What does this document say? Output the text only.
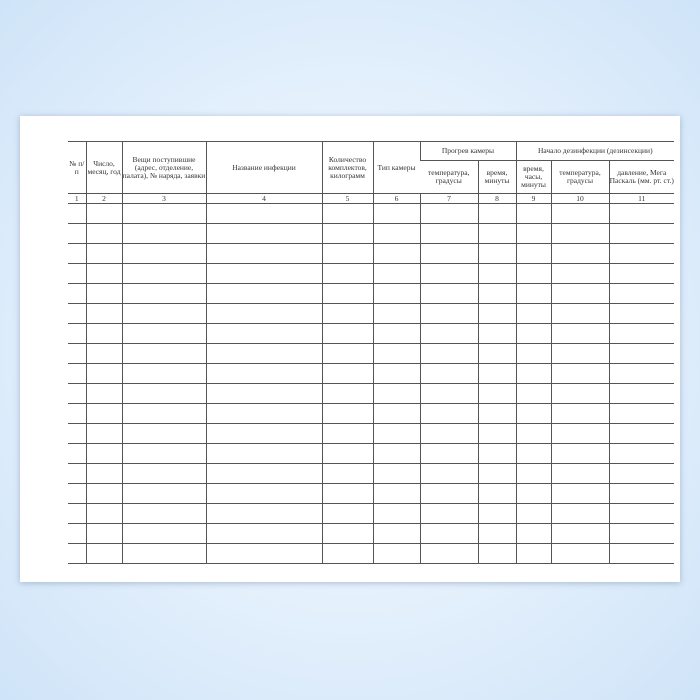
№ п/п	Число, месяц, год	Вещи поступившие (адрес, отделение, палата), № наряда, заявки	Название инфекции	Количество комплектов, килограмм	Тип камеры	Прогрев камеры		Начало дезинфекции (дезинсекции)		
						температура, градусы	время, минуты	время, часы, минуты	температура, градусы	давление, Мега Паскаль (мм. рт. ст.)
1	2	3	4	5	6	7	8	9	10	11
